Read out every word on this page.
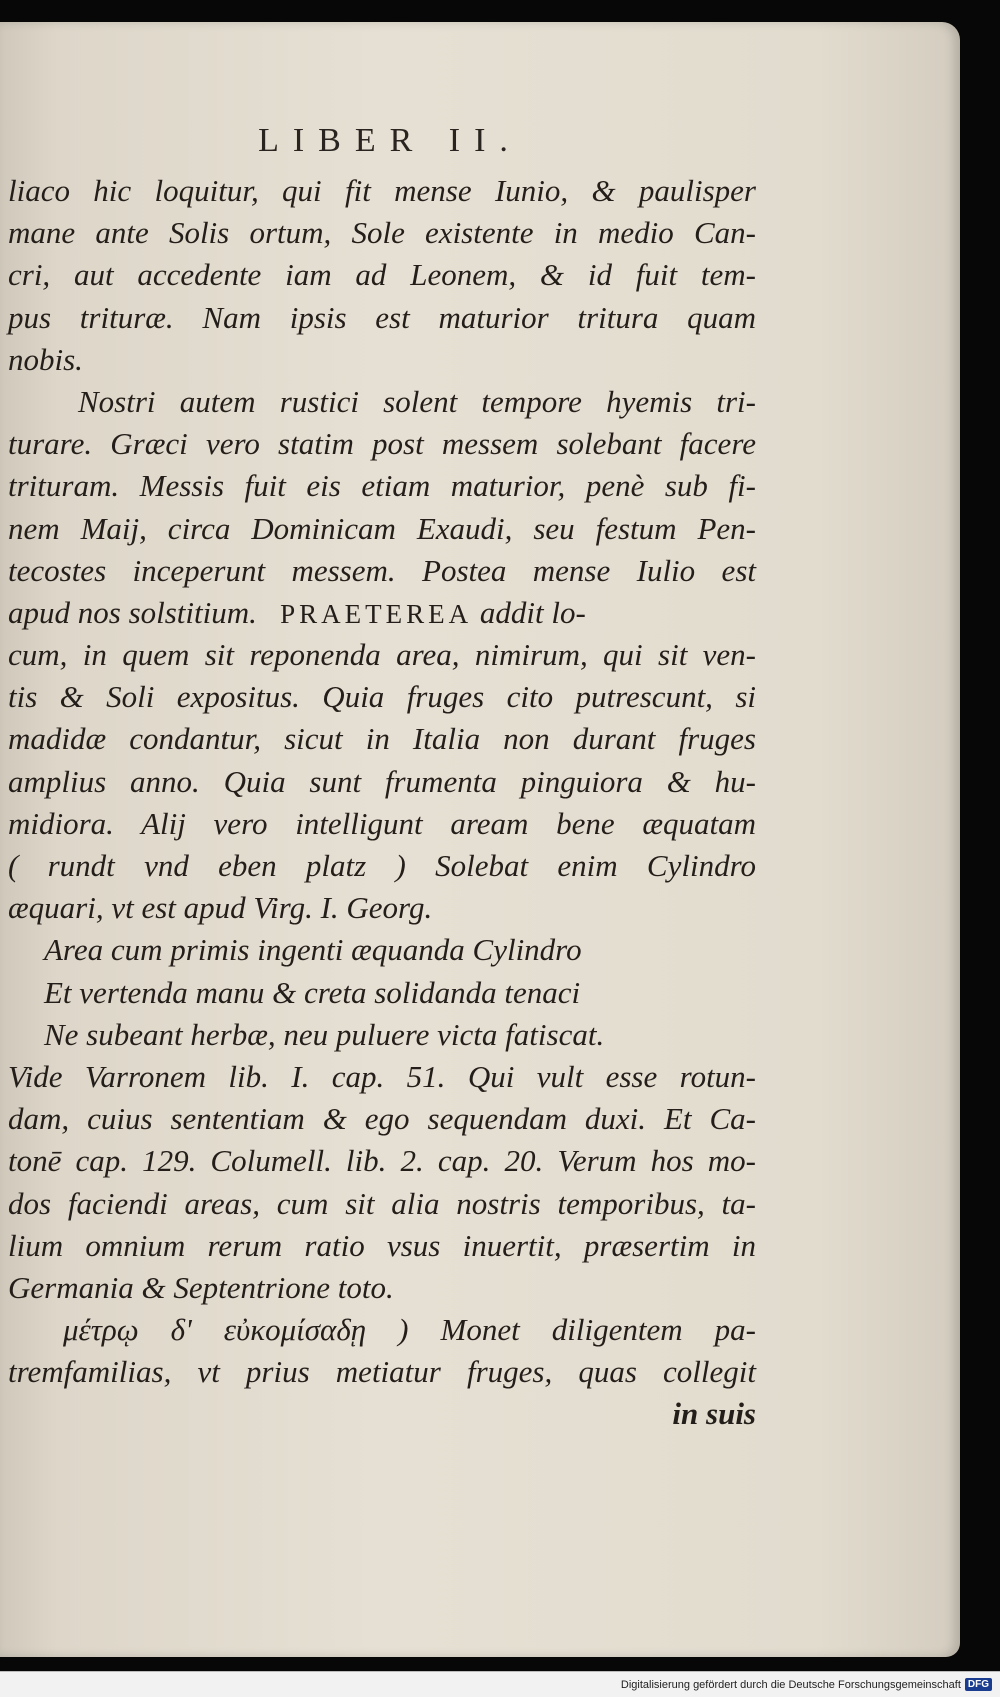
LIBER II.
liaco hic loquitur, qui fit mense Iunio, & paulisper
mane ante Solis ortum, Sole existente in medio Can-
cri, aut accedente iam ad Leonem, & id fuit tem-
pus trituræ. Nam ipsis est maturior tritura quam
nobis.
Nostri autem rustici solent tempore hyemis tri-
turare. Græci vero statim post messem solebant facere
trituram. Messis fuit eis etiam maturior, penè sub fi-
nem Maij, circa Dominicam Exaudi, seu festum Pen-
tecostes inceperunt messem. Postea mense Iulio est
apud nos solstitium. PRAETEREA addit lo-
cum, in quem sit reponenda area, nimirum, qui sit ven-
tis & Soli expositus. Quia fruges cito putrescunt, si
madidæ condantur, sicut in Italia non durant fruges
amplius anno. Quia sunt frumenta pinguiora & hu-
midiora. Alij vero intelligunt aream bene æquatam
( rundt vnd eben platz ) Solebat enim Cylindro
æquari, vt est apud Virg. I. Georg.
Area cum primis ingenti æquanda Cylindro
Et vertenda manu & creta solidanda tenaci
Ne subeant herbæ, neu puluere victa fatiscat.
Vide Varronem lib. I. cap. 51. Qui vult esse rotun-
dam, cuius sententiam & ego sequendam duxi. Et Ca-
tonē cap. 129. Columell. lib. 2. cap. 20. Verum hos mo-
dos faciendi areas, cum sit alia nostris temporibus, ta-
lium omnium rerum ratio vsus inuertit, præsertim in
Germania & Septentrione toto.
μέτρῳ δ' εὐκομίσαδῃ ) Monet diligentem pa-
tremfamilias, vt prius metiatur fruges, quas collegit
in suis
Digitalisierung gefördert durch die Deutsche Forschungsgemeinschaft DFG
